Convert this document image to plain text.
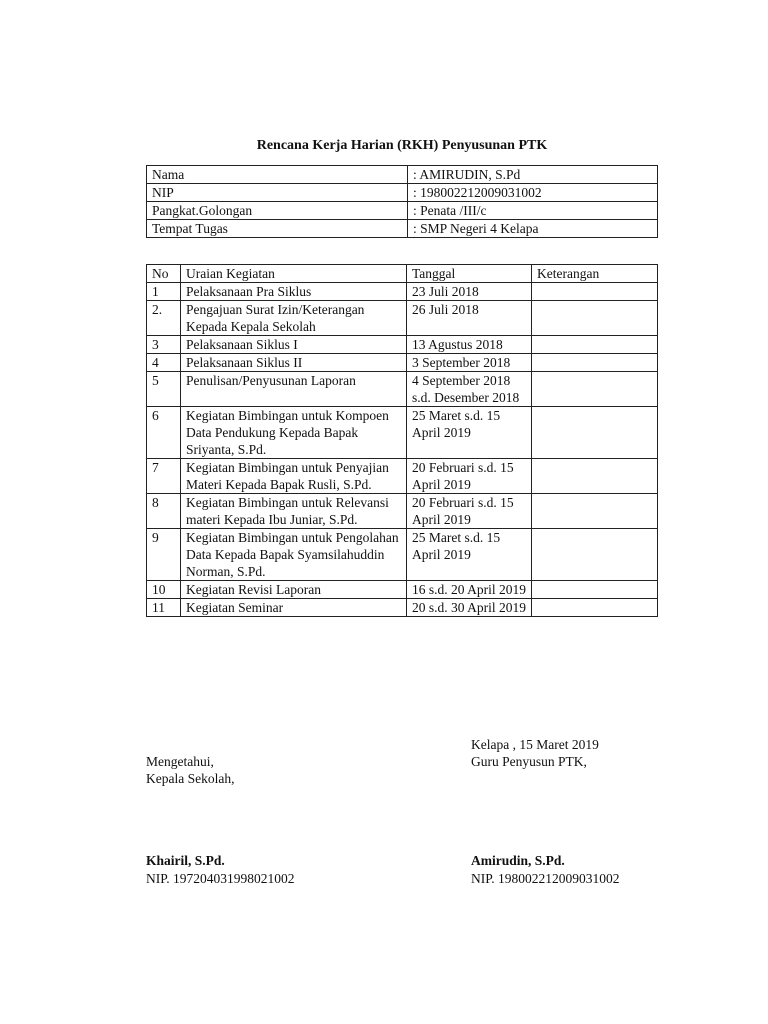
Rencana Kerja Harian (RKH) Penyusunan PTK
Nama	: AMIRUDIN, S.Pd
NIP	: 198002212009031002
Pangkat.Golongan	: Penata /III/c
Tempat Tugas	: SMP Negeri 4 Kelapa
No	Uraian Kegiatan	Tanggal	Keterangan
1	Pelaksanaan Pra Siklus	23 Juli 2018	
2.	Pengajuan Surat Izin/Keterangan Kepada Kepala Sekolah	26 Juli 2018	
3	Pelaksanaan Siklus I	13 Agustus 2018	
4	Pelaksanaan Siklus II	3 September 2018	
5	Penulisan/Penyusunan Laporan	4 September 2018 s.d. Desember 2018	
6	Kegiatan Bimbingan untuk Kompoen Data Pendukung Kepada Bapak Sriyanta, S.Pd.	25 Maret s.d. 15 April 2019	
7	Kegiatan Bimbingan untuk Penyajian Materi Kepada Bapak Rusli, S.Pd.	20 Februari s.d. 15 April 2019	
8	Kegiatan Bimbingan untuk Relevansi materi Kepada Ibu Juniar, S.Pd.	20 Februari s.d. 15 April 2019	
9	Kegiatan Bimbingan untuk Pengolahan Data Kepada Bapak Syamsilahuddin Norman, S.Pd.	25 Maret s.d. 15 April 2019	
10	Kegiatan Revisi Laporan	16 s.d. 20 April 2019	
11	Kegiatan Seminar	20 s.d. 30 April 2019	
Kelapa , 15 Maret 2019
Mengetahui,	Guru Penyusun PTK,
Kepala Sekolah,
Khairil, S.Pd.	Amirudin, S.Pd.
NIP. 197204031998021002	NIP. 198002212009031002
